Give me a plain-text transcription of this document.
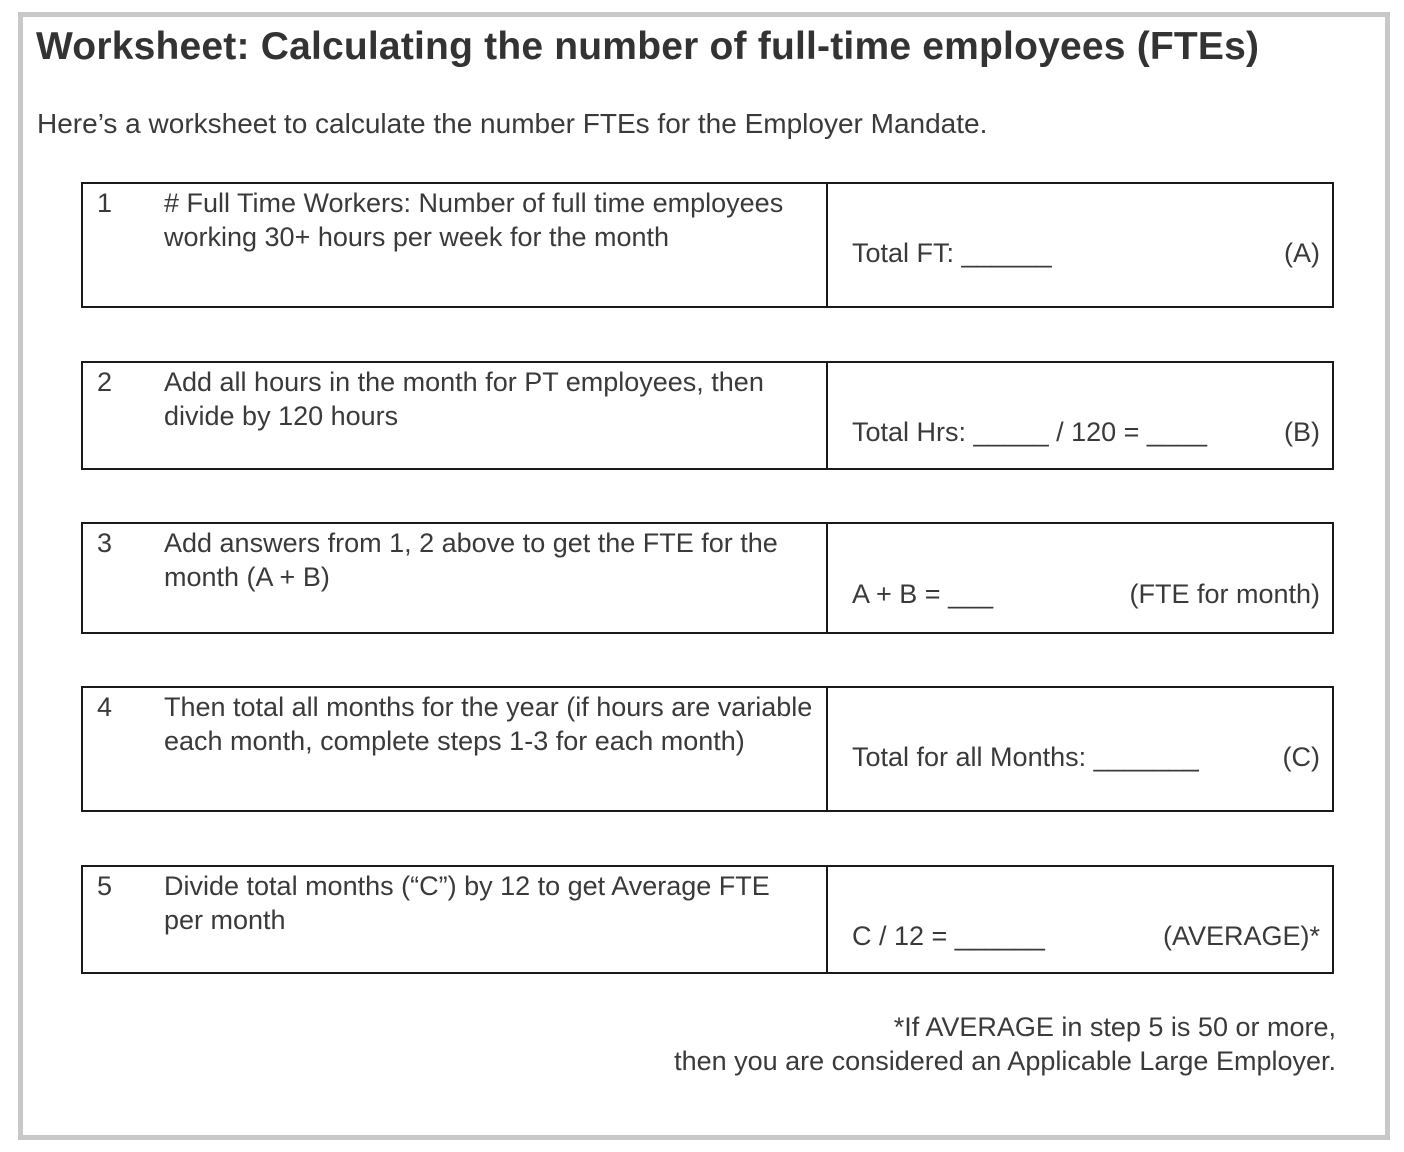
Worksheet: Calculating the number of full-time employees (FTEs)

Here’s a worksheet to calculate the number FTEs for the Employer Mandate.

1 # Full Time Workers: Number of full time employees working 30+ hours per week for the month
Total FT: ______	(A)
2 Add all hours in the month for PT employees, then divide by 120 hours
Total Hrs: _____ / 120 = ____	(B)
3 Add answers from 1, 2 above to get the FTE for the month (A + B)
A + B = ___	(FTE for month)
4 Then total all months for the year (if hours are variable each month, complete steps 1-3 for each month)
Total for all Months: _______	(C)
5 Divide total months (“C”) by 12 to get Average FTE per month
C / 12 = ______	(AVERAGE)*
*If AVERAGE in step 5 is 50 or more,
then you are considered an Applicable Large Employer.
